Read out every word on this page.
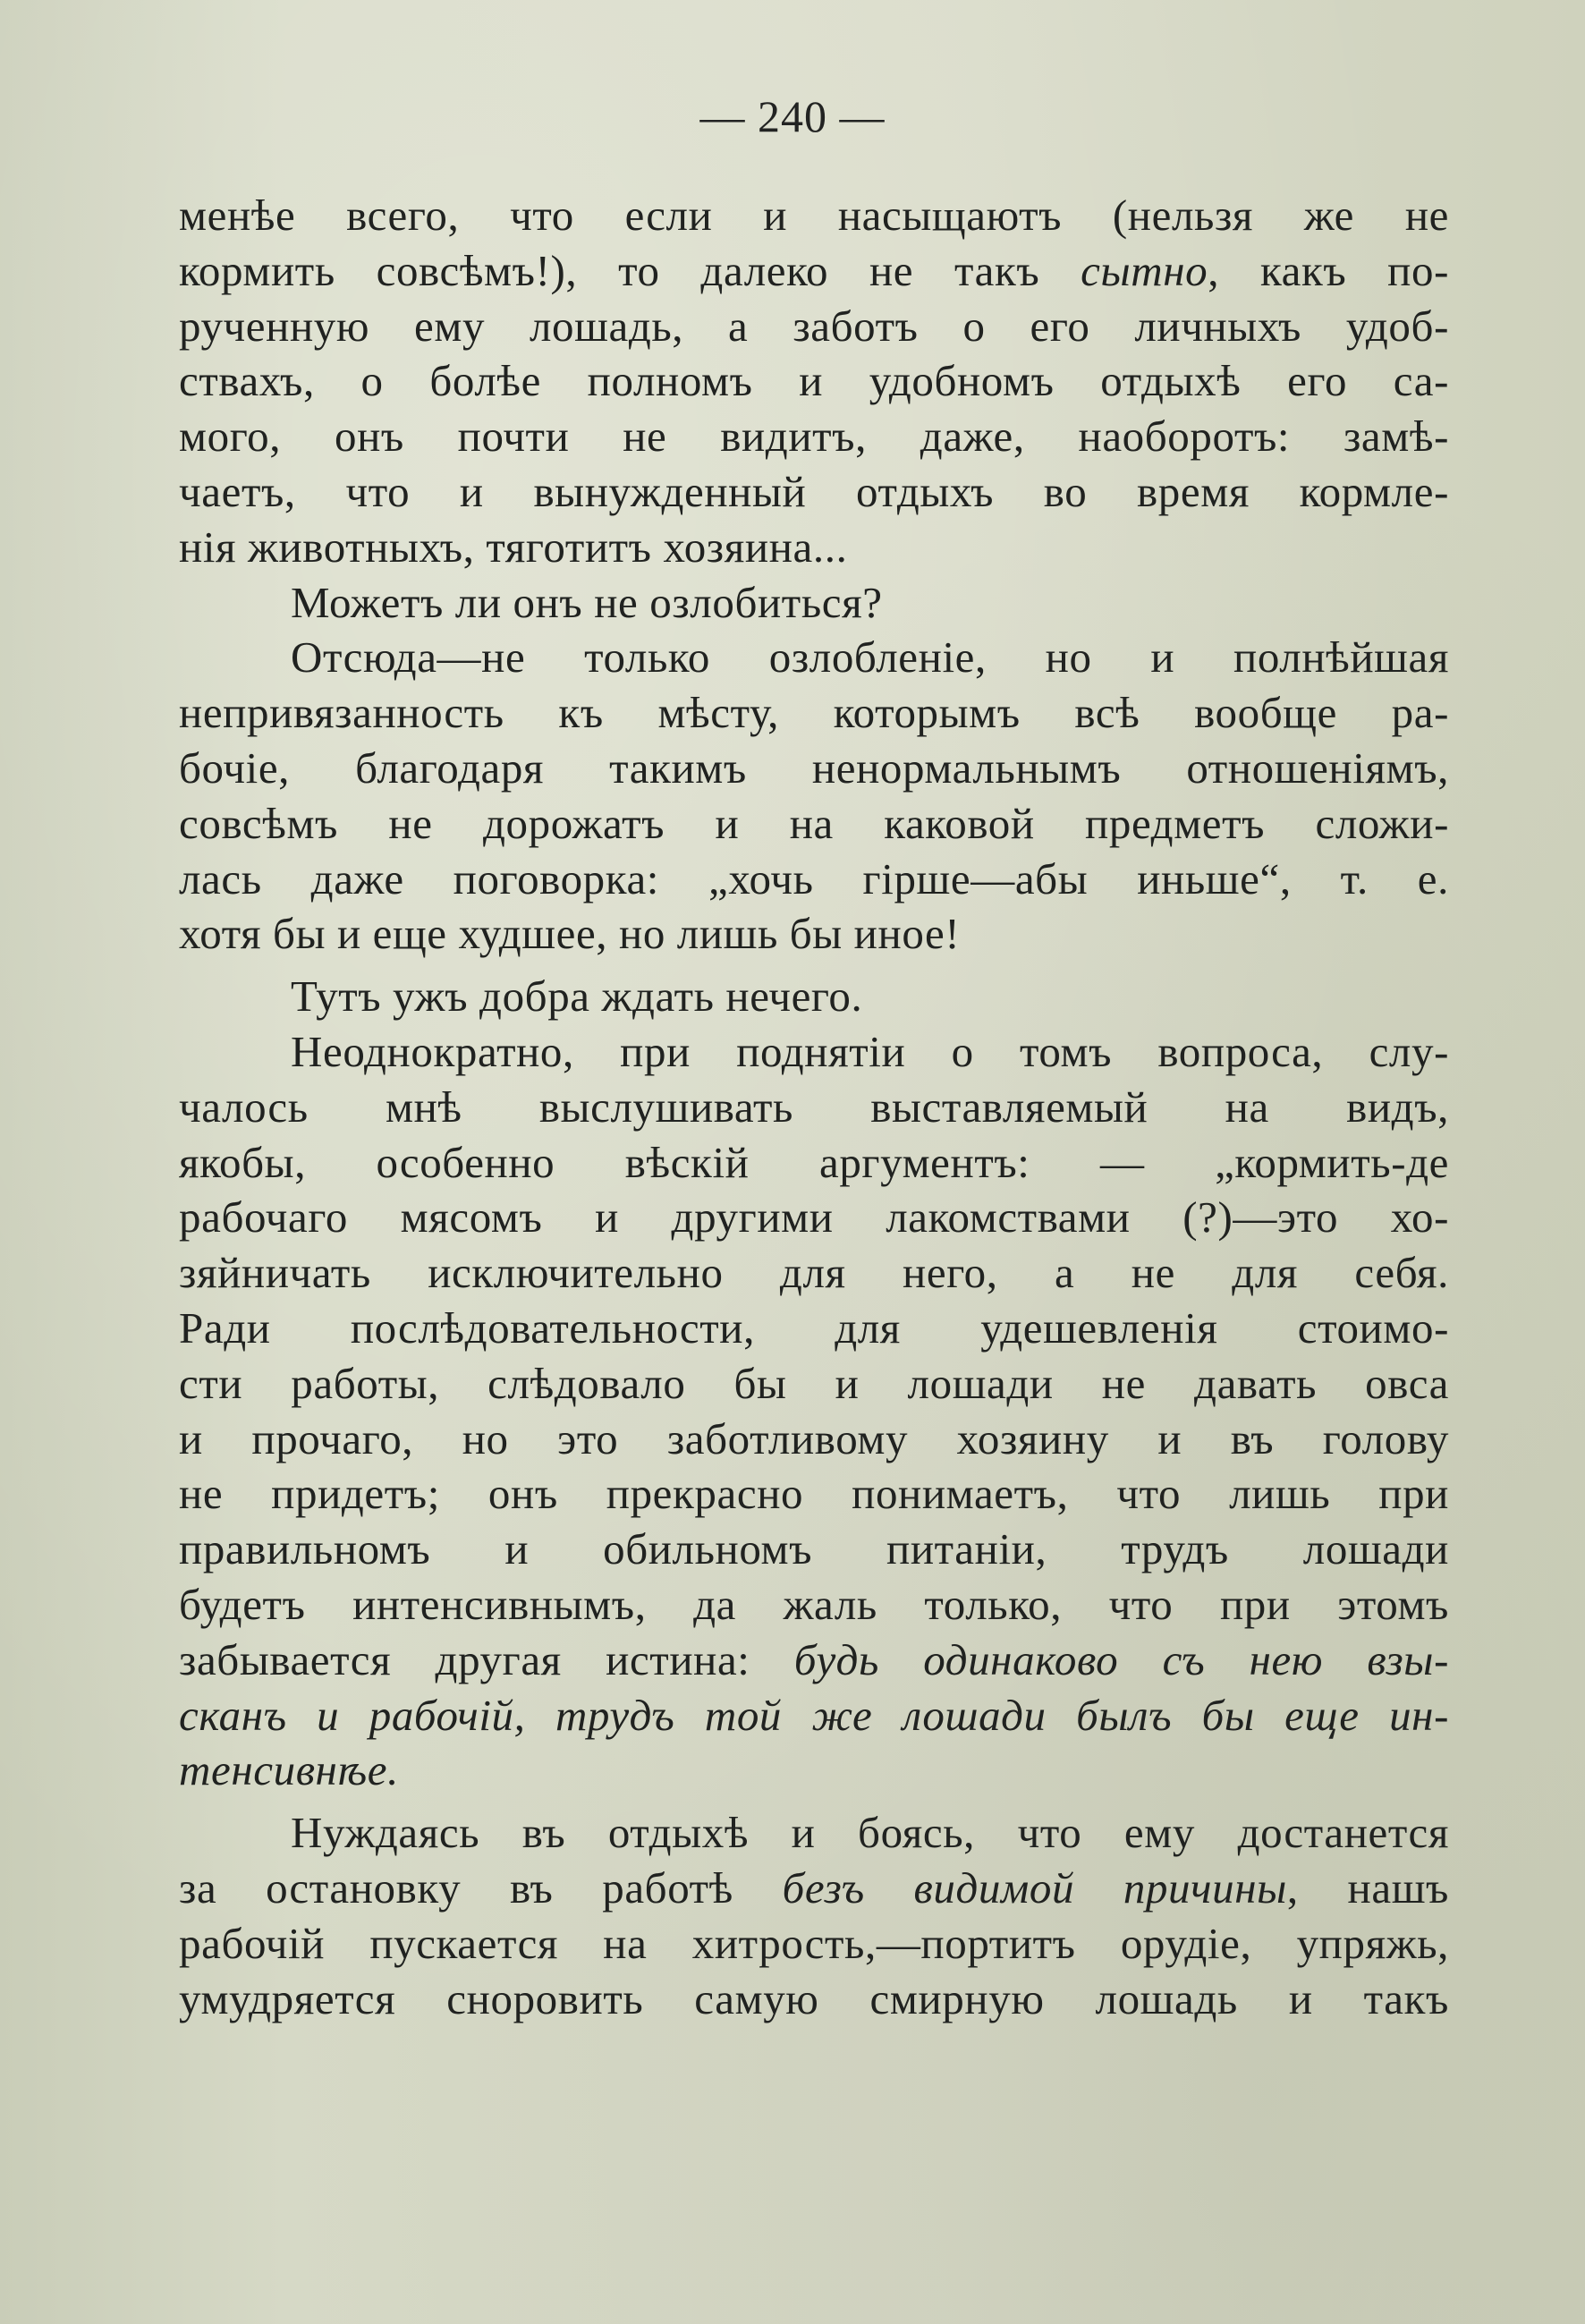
— 240 —

менѣе всего, что если и насыщаютъ (нельзя же не
кормить совсѣмъ!), то далеко не такъ сытно, какъ по-
рученную ему лошадь, а заботъ о его личныхъ удоб-
ствахъ, о болѣе полномъ и удобномъ отдыхѣ его са-
мого, онъ почти не видитъ, даже, наоборотъ: замѣ-
чаетъ, что и вынужденный отдыхъ во время кормле-
нія животныхъ, тяготитъ хозяина...

Можетъ ли онъ не озлобиться?

Отсюда—не только озлобленіе, но и полнѣйшая
непривязанность къ мѣсту, которымъ всѣ вообще ра-
бочіе, благодаря такимъ ненормальнымъ отношеніямъ,
совсѣмъ не дорожатъ и на каковой предметъ сложи-
лась даже поговорка: „хочь гірше—абы иньше“, т. е.
хотя бы и еще худшее, но лишь бы иное!

Тутъ ужъ добра ждать нечего.

Неоднократно, при поднятіи о томъ вопроса, слу-
чалось мнѣ выслушивать выставляемый на видъ,
якобы, особенно вѣскій аргументъ: — „кормить-де
рабочаго мясомъ и другими лакомствами (?)—это хо-
зяйничать исключительно для него, а не для себя.
Ради послѣдовательности, для удешевленія стоимо-
сти работы, слѣдовало бы и лошади не давать овса
и прочаго, но это заботливому хозяину и въ голову
не придетъ; онъ прекрасно понимаетъ, что лишь при
правильномъ и обильномъ питаніи, трудъ лошади
будетъ интенсивнымъ, да жаль только, что при этомъ
забывается другая истина: будь одинаково съ нею взы-
сканъ и рабочій, трудъ той же лошади былъ бы еще ин-
тенсивнѣе.

Нуждаясь въ отдыхѣ и боясь, что ему достанется
за остановку въ работѣ безъ видимой причины, нашъ
рабочій пускается на хитрость,—портитъ орудіе, упряжь,
умудряется сноровить самую смирную лошадь и такъ
